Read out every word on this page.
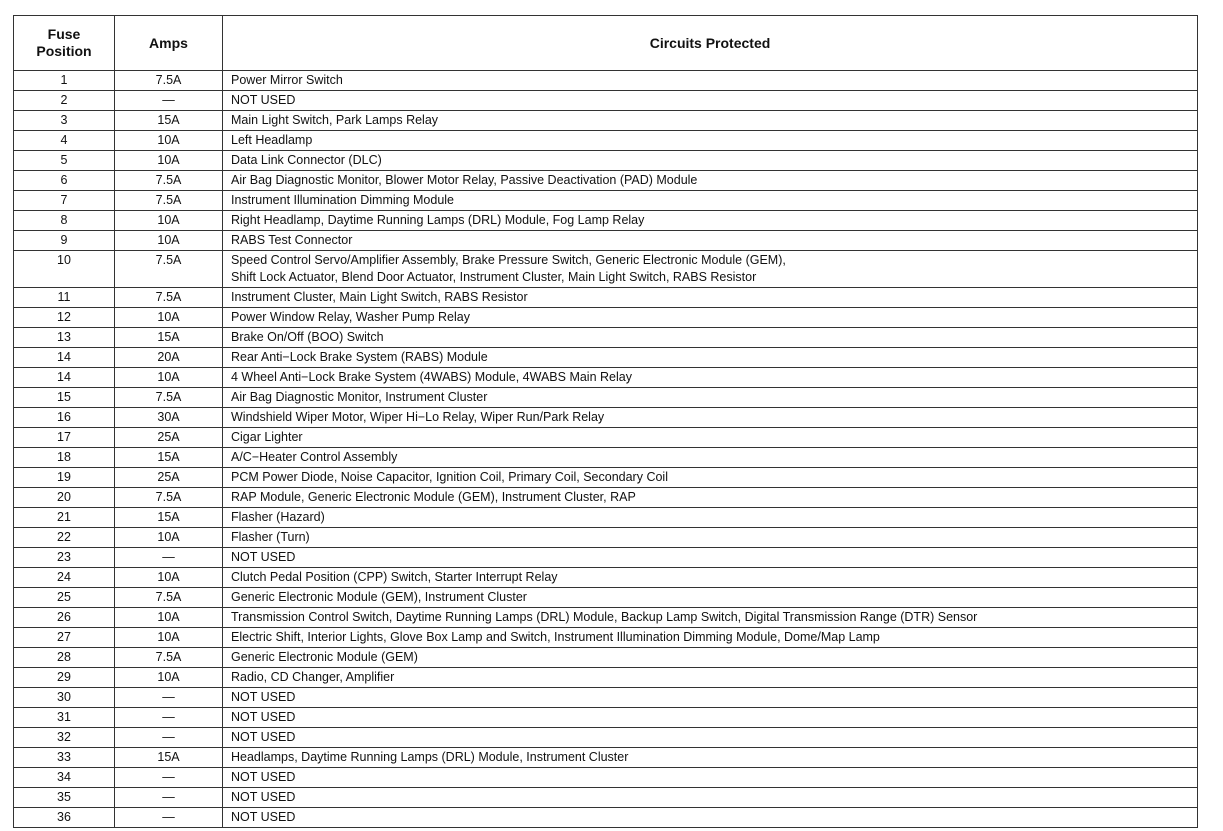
Fuse Position	Amps	Circuits Protected
1	7.5A	Power Mirror Switch
2	—	NOT USED
3	15A	Main Light Switch, Park Lamps Relay
4	10A	Left Headlamp
5	10A	Data Link Connector (DLC)
6	7.5A	Air Bag Diagnostic Monitor, Blower Motor Relay, Passive Deactivation (PAD) Module
7	7.5A	Instrument Illumination Dimming Module
8	10A	Right Headlamp, Daytime Running Lamps (DRL) Module, Fog Lamp Relay
9	10A	RABS Test Connector
10	7.5A	Speed Control Servo/Amplifier Assembly, Brake Pressure Switch, Generic Electronic Module (GEM),
Shift Lock Actuator, Blend Door Actuator, Instrument Cluster, Main Light Switch, RABS Resistor

11	7.5A	Instrument Cluster, Main Light Switch, RABS Resistor
12	10A	Power Window Relay, Washer Pump Relay
13	15A	Brake On/Off (BOO) Switch
14	20A	Rear Anti−Lock Brake System (RABS) Module
14	10A	4 Wheel Anti−Lock Brake System (4WABS) Module, 4WABS Main Relay
15	7.5A	Air Bag Diagnostic Monitor, Instrument Cluster
16	30A	Windshield Wiper Motor, Wiper Hi−Lo Relay, Wiper Run/Park Relay
17	25A	Cigar Lighter
18	15A	A/C−Heater Control Assembly
19	25A	PCM Power Diode, Noise Capacitor, Ignition Coil, Primary Coil, Secondary Coil
20	7.5A	RAP Module, Generic Electronic Module (GEM), Instrument Cluster, RAP
21	15A	Flasher (Hazard)
22	10A	Flasher (Turn)
23	—	NOT USED
24	10A	Clutch Pedal Position (CPP) Switch, Starter Interrupt Relay
25	7.5A	Generic Electronic Module (GEM), Instrument Cluster
26	10A	Transmission Control Switch, Daytime Running Lamps (DRL) Module, Backup Lamp Switch, Digital Transmission Range (DTR) Sensor
27	10A	Electric Shift, Interior Lights, Glove Box Lamp and Switch, Instrument Illumination Dimming Module, Dome/Map Lamp
28	7.5A	Generic Electronic Module (GEM)
29	10A	Radio, CD Changer, Amplifier
30	—	NOT USED
31	—	NOT USED
32	—	NOT USED
33	15A	Headlamps, Daytime Running Lamps (DRL) Module, Instrument Cluster
34	—	NOT USED
35	—	NOT USED
36	—	NOT USED
